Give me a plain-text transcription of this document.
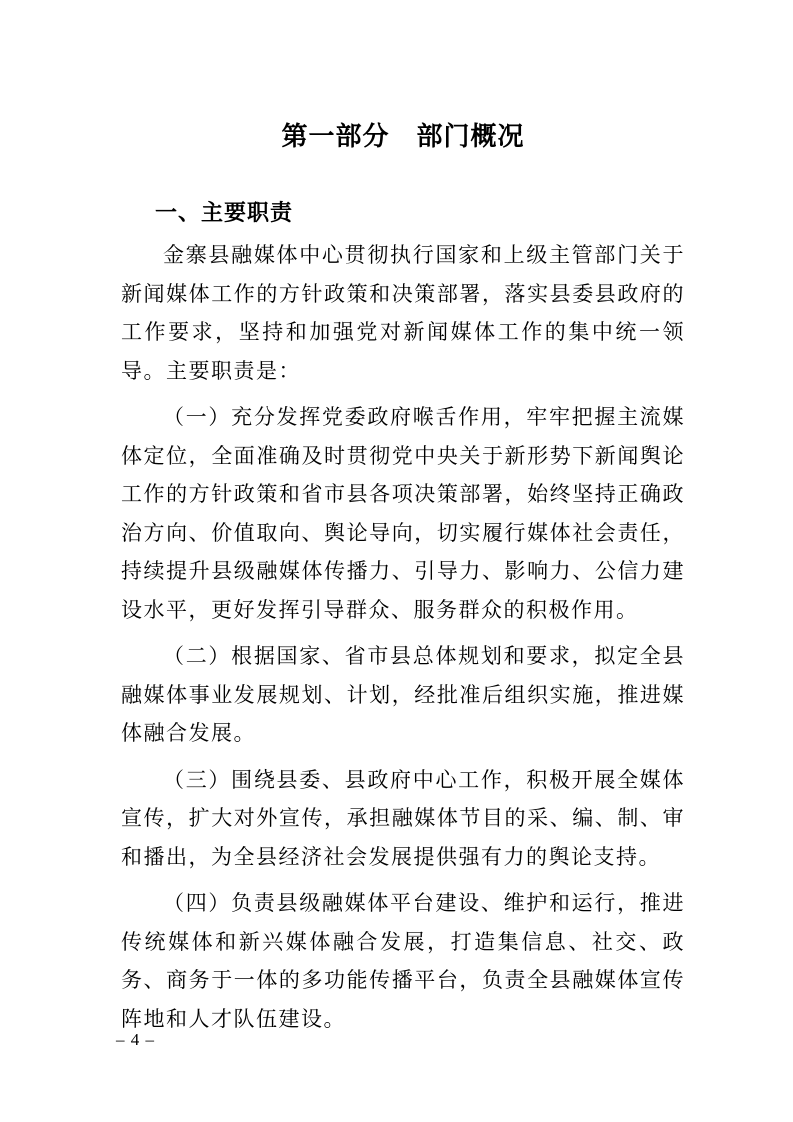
第一部分　部门概况
一、主要职责

金寨县融媒体中心贯彻执行国家和上级主管部门关于新闻媒体工作的方针政策和决策部署，落实县委县政府的工作要求，坚持和加强党对新闻媒体工作的集中统一领导。主要职责是：

（一）充分发挥党委政府喉舌作用，牢牢把握主流媒体定位，全面准确及时贯彻党中央关于新形势下新闻舆论工作的方针政策和省市县各项决策部署，始终坚持正确政治方向、价值取向、舆论导向，切实履行媒体社会责任，持续提升县级融媒体传播力、引导力、影响力、公信力建设水平，更好发挥引导群众、服务群众的积极作用。

（二）根据国家、省市县总体规划和要求，拟定全县融媒体事业发展规划、计划，经批准后组织实施，推进媒体融合发展。

（三）围绕县委、县政府中心工作，积极开展全媒体宣传，扩大对外宣传，承担融媒体节目的采、编、制、审和播出，为全县经济社会发展提供强有力的舆论支持。

（四）负责县级融媒体平台建设、维护和运行，推进传统媒体和新兴媒体融合发展，打造集信息、社交、政务、商务于一体的多功能传播平台，负责全县融媒体宣传阵地和人才队伍建设。

– 4 –
